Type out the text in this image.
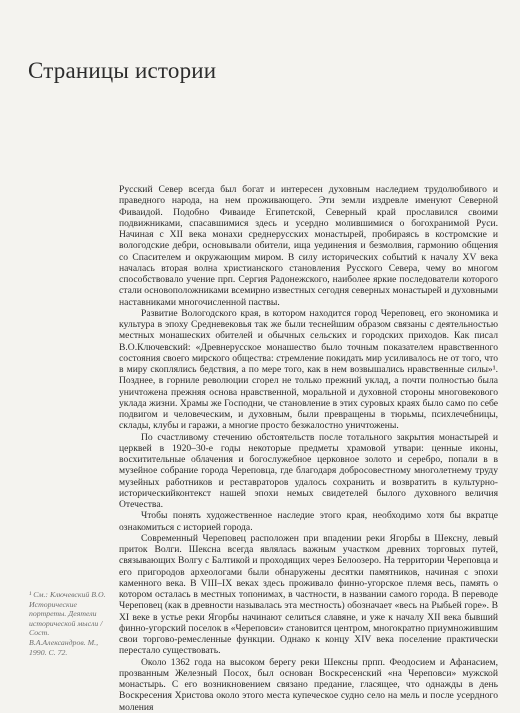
Страницы истории

Русский Север всегда был богат и интересен духовным наследием трудолюбивого и праведного народа, на нем проживающего. Эти земли издревле именуют Северной Фиваидой. Подобно Фиваиде Египетской, Северный край прославился своими подвижниками, спасавшимися здесь и усердно молившимися о богохранимой Руси. Начиная с XII века монахи среднерусских монастырей, пробираясь в костромские и вологодские дебри, основывали обители, ища уединения и безмолвия, гармонию общения со Спасителем и окружающим миром. В силу исторических событий к началу XV века началась вторая волна христианского становления Русского Севера, чему во многом способствовало учение прп. Сергия Радонежского, наиболее яркие последователи которого стали основоположниками всемирно известных сегодня северных монастырей и духовными наставниками многочисленной паствы.

Развитие Вологодского края, в котором находится город Череповец, его экономика и культура в эпоху Средневековья так же были теснейшим образом связаны с деятельностью местных монашеских обителей и обычных сельских и городских приходов. Как писал В.О.Ключевский: «Древнерусское монашество было точным показателем нравственного состояния своего мирского общества: стремление покидать мир усиливалось не от того, что в миру скоплялись бедствия, а по мере того, как в нем возвышались нравственные силы»¹. Позднее, в горниле революции сгорел не только прежний уклад, а почти полностью была уничтожена прежняя основа нравственной, моральной и духовной стороны многовекового уклада жизни. Храмы же Господни, че становление в этих суровых краях было само по себе подвигом и человеческим, и духовным, были превращены в тюрьмы, психлечебницы, склады, клубы и гаражи, а многие просто безжалостно уничтожены.

По счастливому стечению обстоятельств после тотального закрытия монастырей и церквей в 1920–30-е годы некоторые предметы храмовой утвари: ценные иконы, восхитительные облачения и богослужебное церковное золото и серебро, попали в в музейное собрание города Череповца, где благодаря добросовестному многолетнему труду музейных работников и реставраторов удалось сохранить и возвратить в культурно-историческийконтекст нашей эпохи немых свидетелей былого духовного величия Отечества.

Чтобы понять художественное наследие этого края, необходимо хотя бы вкратце ознакомиться с историей города.

Современный Череповец расположен при впадении реки Ягорбы в Шексну, левый приток Волги. Шексна всегда являлась важным участком древних торговых путей, связывающих Волгу с Балтикой и проходящих через Белоозеро. На территории Череповца и его пригородов археологами были обнаружены десятки памятников, начиная с эпохи каменного века. В VIII–IX веках здесь проживало финно-угорское племя весь, память о котором осталась в местных топонимах, в частности, в названии самого города. В переводе Череповец (как в древности называлась эта местность) обозначает «весь на Рыбьей горе». В XI веке в устье реки Ягорбы начинают селиться славяне, и уже к началу XII века бывший финно-угорский поселок в «Череповси» становится центром, многократно приумножившим свои торгово-ремесленные функции. Однако к концу XIV века поселение практически перестало существовать.

Около 1362 года на высоком берегу реки Шексны прпп. Феодосием и Афанасием, прозванным Железный Посох, был основан Воскресенский «на Череповси» мужской монастырь. С его возникновением связано предание, гласящее, что однажды в день Воскресения Христова около этого места купеческое судно село на мель и после усердного моления

¹ См.: Ключевский В.О.
Исторические портреты. Деятели исторической мысли / Сост.
В.А.Александров. М.,
1990. С. 72.
